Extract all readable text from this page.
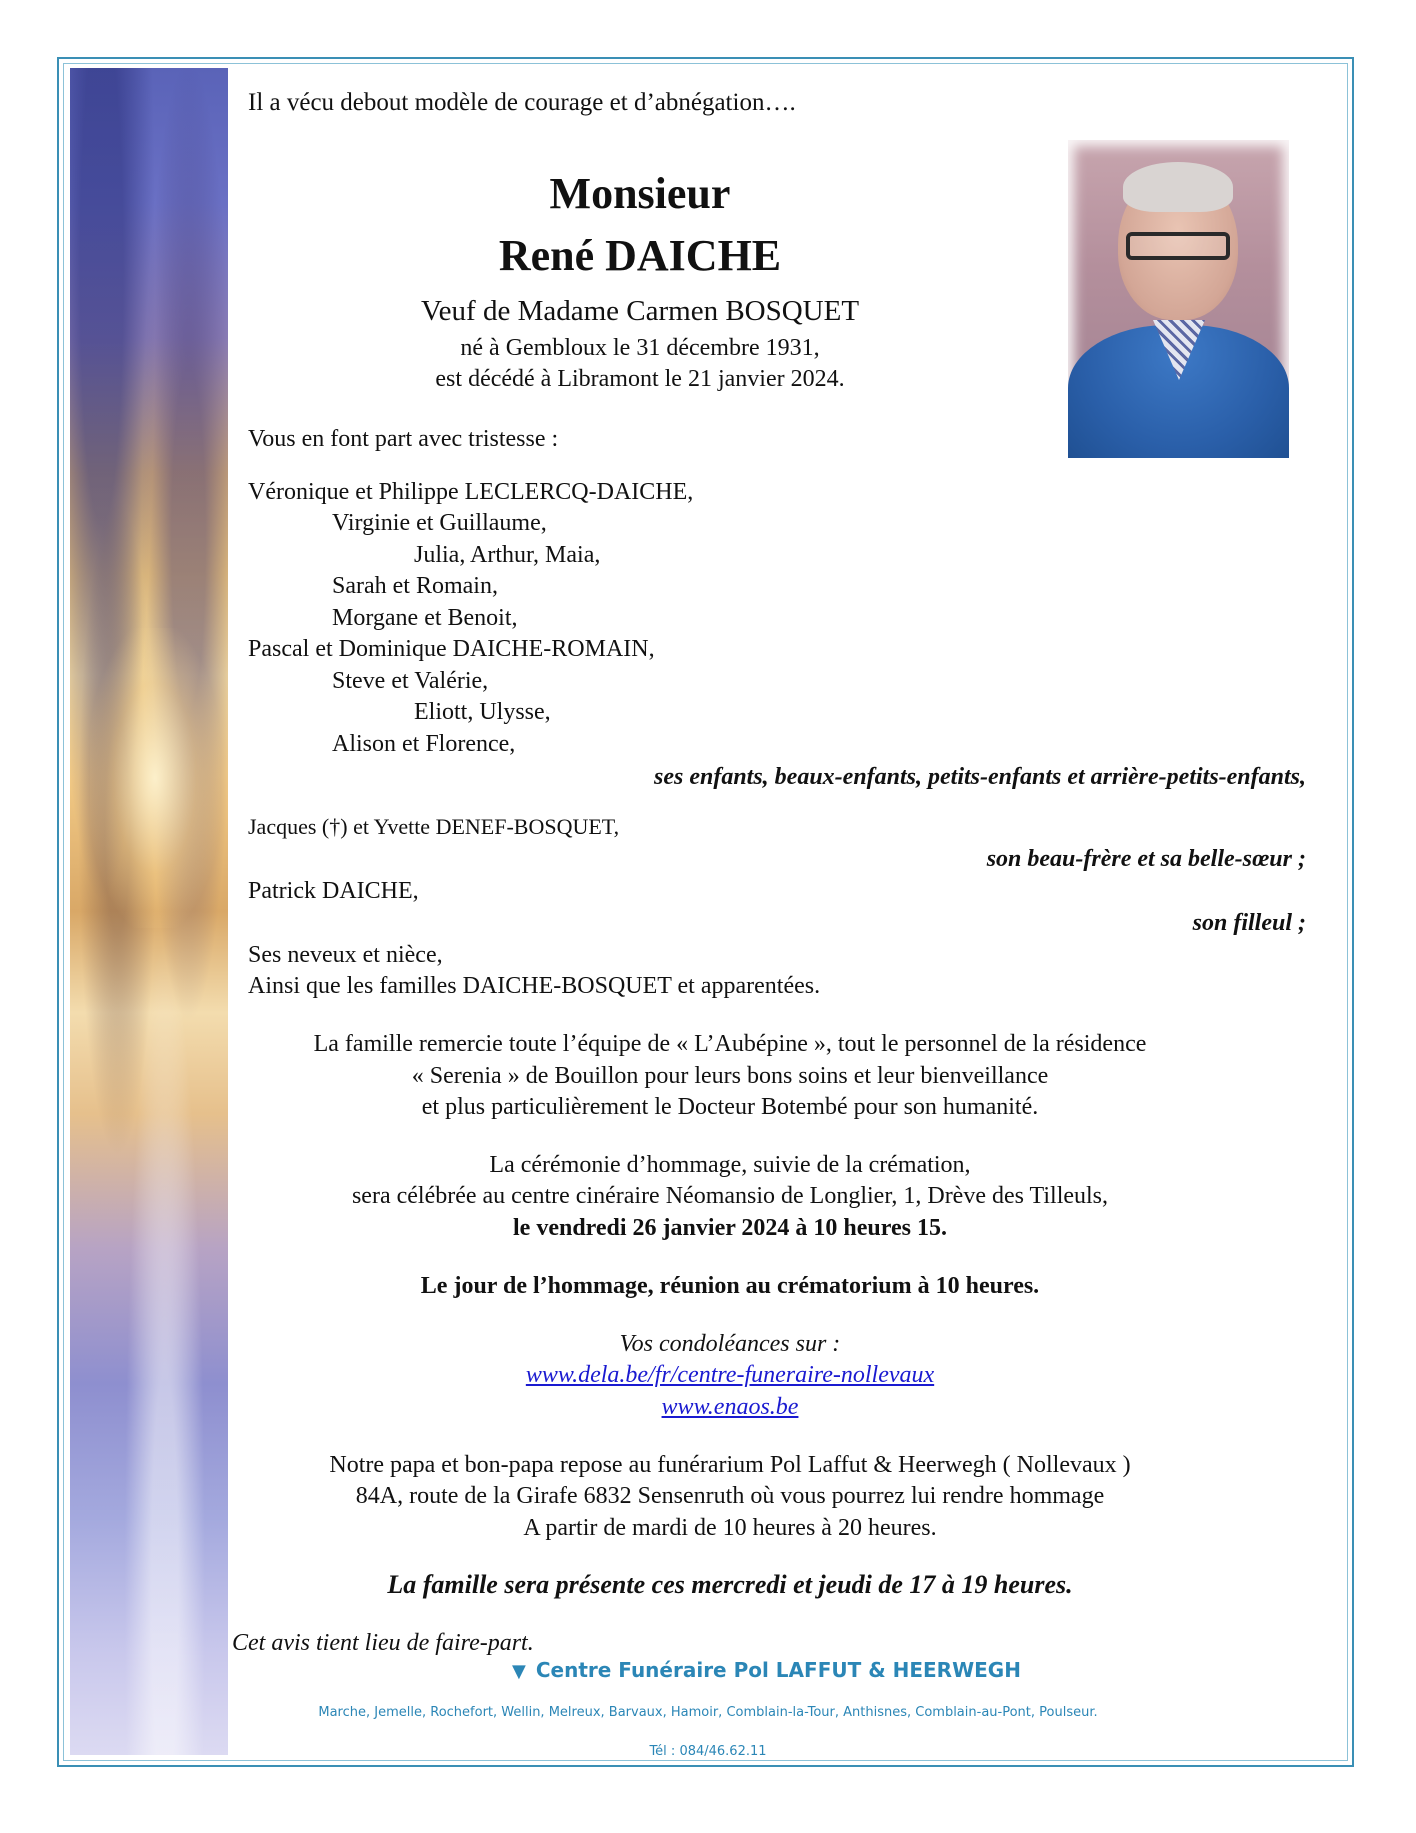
Il a vécu debout modèle de courage et d’abnégation….
Monsieur
René DAICHE
Veuf de Madame Carmen BOSQUET
né à Gembloux le 31 décembre 1931,
est décédé à Libramont le 21 janvier 2024.
Vous en font part avec tristesse :
Véronique et Philippe LECLERCQ-DAICHE,
Virginie et Guillaume,
Julia, Arthur, Maia,
Sarah et Romain,
Morgane et Benoit,
Pascal et Dominique DAICHE-ROMAIN,
Steve et Valérie,
Eliott, Ulysse,
Alison et Florence,
ses enfants, beaux-enfants, petits-enfants et arrière-petits-enfants,
Jacques (†) et Yvette DENEF-BOSQUET,
son beau-frère et sa belle-sœur ;
Patrick DAICHE,
son filleul ;
Ses neveux et nièce,
Ainsi que les familles DAICHE-BOSQUET et apparentées.
La famille remercie toute l’équipe de « L’Aubépine », tout le personnel de la résidence
« Serenia » de Bouillon pour leurs bons soins et leur bienveillance
et plus particulièrement le Docteur Botembé pour son humanité.
La cérémonie d’hommage, suivie de la crémation,
sera célébrée au centre cinéraire Néomansio de Longlier, 1, Drève des Tilleuls,
le vendredi 26 janvier 2024 à 10 heures 15.
Le jour de l’hommage, réunion au crématorium à 10 heures.
Vos condoléances sur :
www.dela.be/fr/centre-funeraire-nollevaux
www.enaos.be
Notre papa et bon-papa repose au funérarium Pol Laffut & Heerwegh ( Nollevaux )
84A, route de la Girafe 6832 Sensenruth où vous pourrez lui rendre hommage
A partir de mardi de 10 heures à 20 heures.
La famille sera présente ces mercredi et jeudi de 17 à 19 heures.
Cet avis tient lieu de faire-part.
▼ Centre Funéraire Pol LAFFUT & HEERWEGH
Marche, Jemelle, Rochefort, Wellin, Melreux, Barvaux, Hamoir, Comblain-la-Tour, Anthisnes, Comblain-au-Pont, Poulseur.
Tél : 084/46.62.11
